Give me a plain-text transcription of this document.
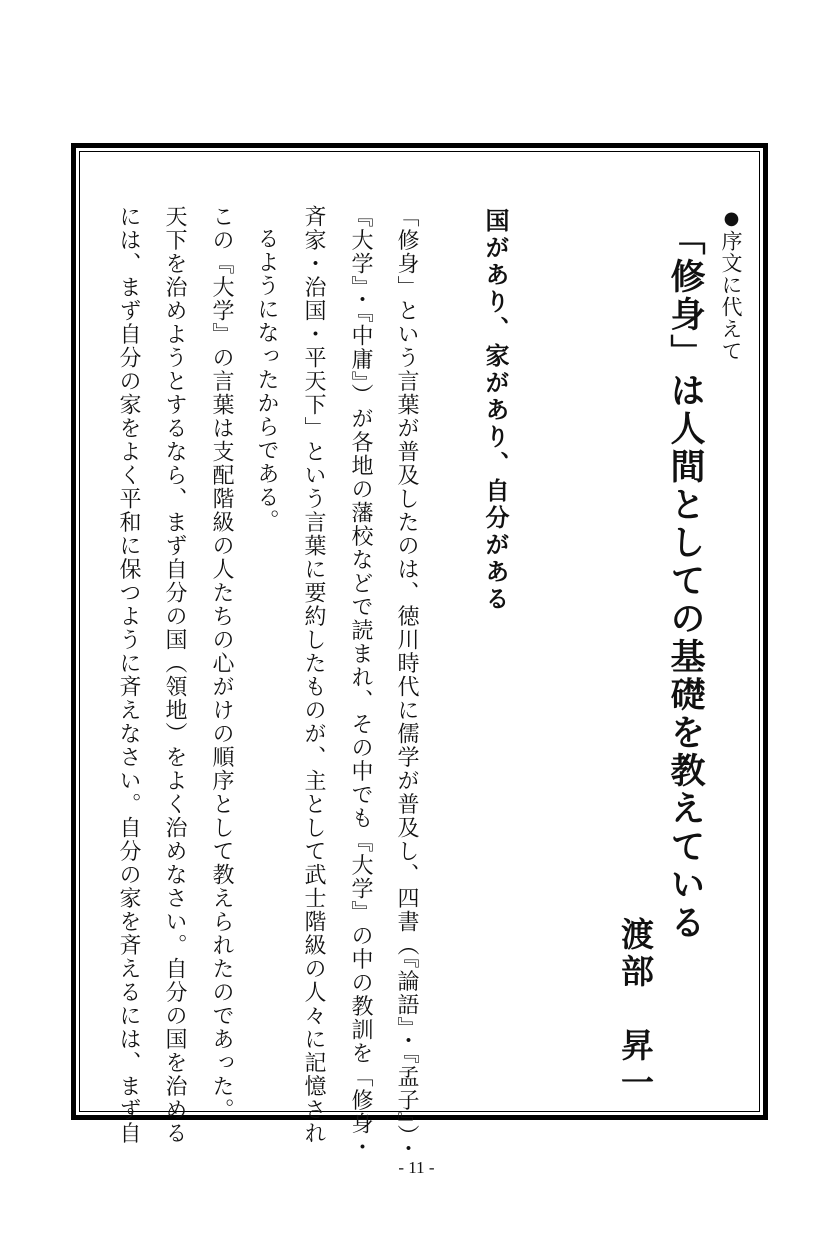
●序文に代えて
「修身」は人間としての基礎を教えている
渡部　昇一
国があり、家があり、自分がある
「修身」という言葉が普及したのは、徳川時代に儒学が普及し、四書（『論語』・『孟子』）・
『大学』・『中庸』）が各地の藩校などで読まれ、その中でも『大学』の中の教訓を「修身・
斉家・治国・平天下」という言葉に要約したものが、主として武士階級の人々に記憶され
るようになったからである。
この『大学』の言葉は支配階級の人たちの心がけの順序として教えられたのであった。
天下を治めようとするなら、まず自分の国（領地）をよく治めなさい。自分の国を治める
には、まず自分の家をよく平和に保つように斉えなさい。自分の家を斉えるには、まず自
- 11 -
